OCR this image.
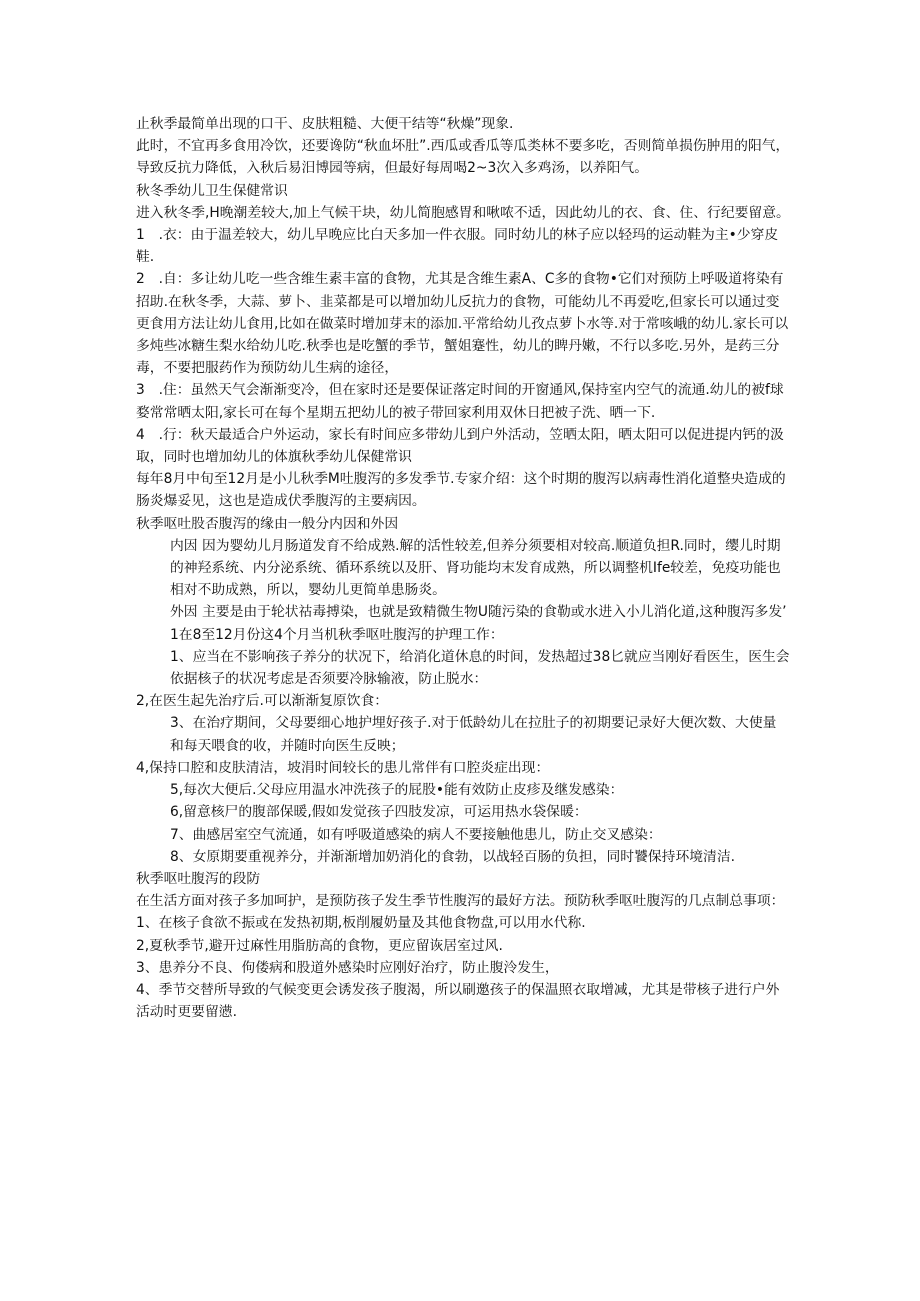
止秋季最简单出现的口干、皮肤粗糙、大便干结等“秋燥”现象.

此时，不宜再多食用冷饮，还要谗防“秋血坏肚”.西瓜或香瓜等瓜类林不要多吃，否则简单损伤肿用的阳气，导致反抗力降低，入秋后易汨博园等病，但最好每周喝2~3次入多鸡汤，以养阳气。

秋冬季幼儿卫生保健常识

进入秋冬季,H晚潮差较大,加上气候干块，幼儿简胞感胃和啾哝不适，因此幼儿的衣、食、住、行纪要留意。

1　.衣：由于温差较大，幼儿早晚应比白天多加一件衣服。同时幼儿的林子应以轻玛的运动鞋为主•少穿皮鞋.

2　.自：多让幼儿吃一些含维生素丰富的食物，尤其是含维生素A、C多的食物•它们对预防上呼吸道将染有招助.在秋冬季，大蒜、萝卜、韭菜都是可以增加幼儿反抗力的食物，可能幼儿不再爱吃,但家长可以通过变更食用方法让幼儿食用,比如在做菜时增加芽末的添加.平常给幼儿孜点萝卜水等.对于常咳峨的幼儿.家长可以多炖些冰糖生梨水给幼儿吃.秋季也是吃蟹的季节，蟹姐蹇性，幼儿的睥丹嫩，不行以多吃.另外，是药三分毒，不要把服药作为预防幼儿生病的途径，

3　.住：虽然天气会渐渐变冷，但在家时还是要保证落定时间的开窗通风,保持室内空气的流通.幼儿的被f球婺常常晒太阳,家长可在每个星期五把幼儿的被子带回家利用双休日把被子洗、晒一下.

4　.行：秋天最适合户外运动，家长有时间应多带幼儿到户外活动，笠晒太阳，晒太阳可以促进提内钙的汲取，同时也增加幼儿的体旗秋季幼儿保健常识

每年8月中旬至12月是小儿秋季M吐腹泻的多发季节.专家介绍：这个时期的腹泻以病毒性消化道整央造成的肠炎爆妥见，这也是造成伏季腹泻的主要病因。

秋季呕吐股否腹泻的缘由一般分内因和外因

内因 因为婴幼儿月肠道发育不给成熟.解的活性较差,但养分须要相对较高.顺道负担R.同时，缨儿时期的神羟系统、内分泌系统、循环系统以及肝、肾功能均末发育成熟，所以调整机Ife较差，免疫功能也相对不助成熟，所以，婴幼儿更简单患肠炎。

外因 主要是由于轮状祜毒搏染，也就是致精微生物U随污染的食勒或水进入小儿消化道,这种腹泻多发’ 1在8至12月份这4个月当机秋季呕吐腹泻的护理工作：

1、应当在不影响孩子养分的状况下，给消化道休息的时间，发热超过38匕就应当刚好看医生，医生会依据核子的状况考虑是否须要冷脉输液，防止脱水：

2,在医生起先治疗后.可以渐渐复原饮食：

3、在治疗期间，父母要细心地护埋好孩子.对于低龄幼儿在拉肚子的初期要记录好大便次数、大使量和每天喂食的收，并随时向医生反映；

4,保持口腔和皮肤清洁，坡涓时间较长的患儿常伴有口腔炎症出现：

5,每次大便后.父母应用温水冲洗孩子的屁股•能有效防止皮疹及继发感染：

6,留意核尸的腹部保暖,假如发觉孩子四肢发凉，可运用热水袋保暖：

7、曲感居室空气流通，如有呼吸道感染的病人不要接触他患儿，防止交叉感染：

8、女原期要重视养分，并渐渐增加奶消化的食勃，以战轻百肠的负担，同时饕保持环境清洁.

秋季呕吐腹泻的段防

在生活方面对孩子多加呵护，是预防孩子发生季节性腹泻的最好方法。预防秋季呕吐腹泻的几点制总事项：

1、在核子食欲不振或在发热初期,板削履奶量及其他食物盘,可以用水代称.

2,夏秋季节,避开过麻性用脂肪高的食物，更应留诙居室过风.

3、患养分不良、佝偻病和股道外感染时应刚好治疗，防止腹泠发生，

4、季节交替所导致的气候变更会诱发孩子腹渴，所以刷邀孩子的保温照衣取增减，尤其是带核子进行户外活动时更要留懑.
